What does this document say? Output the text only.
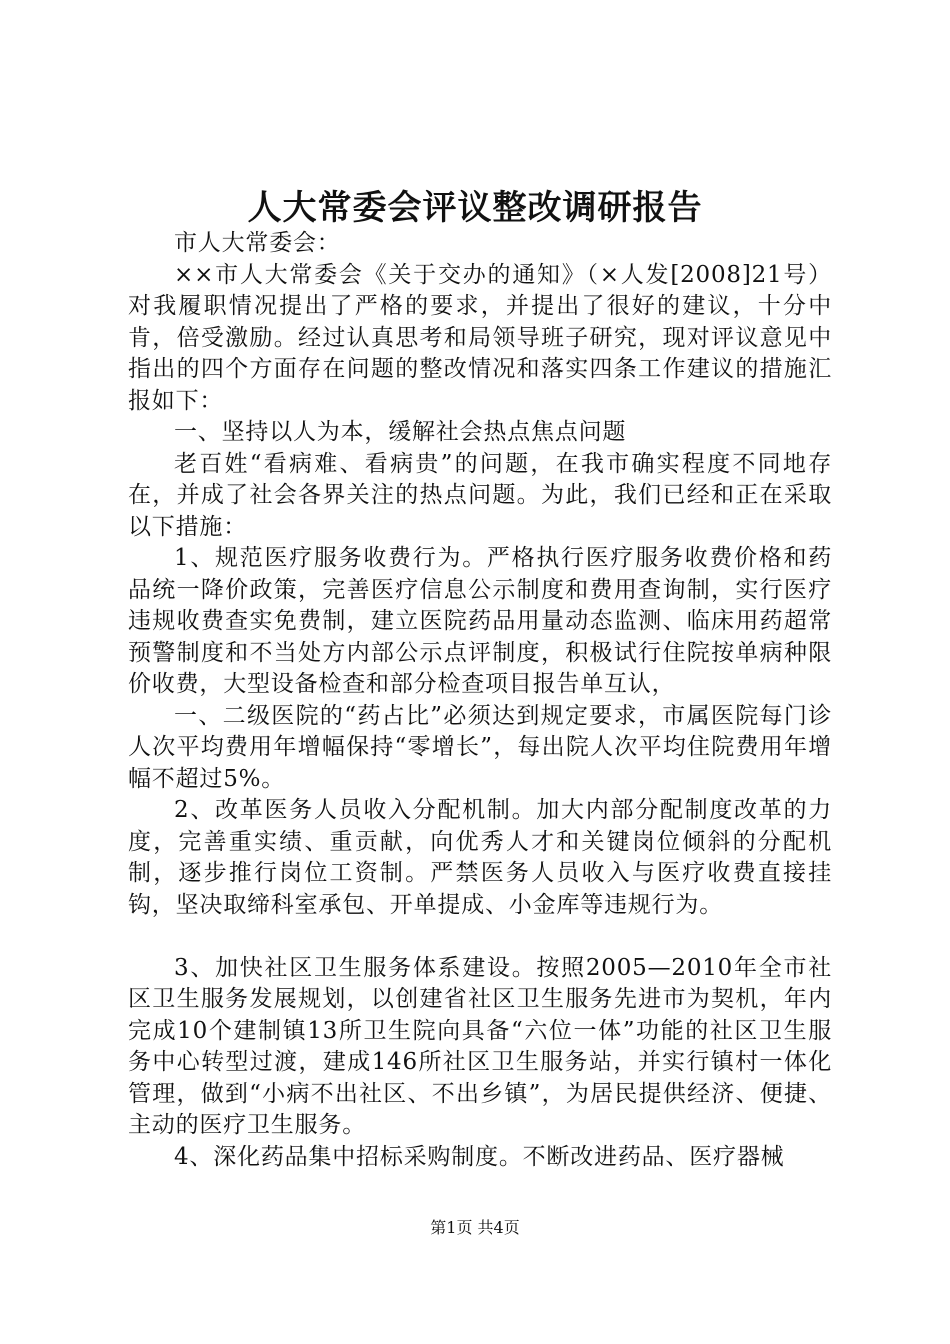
人大常委会评议整改调研报告

市人大常委会：

××市人大常委会《关于交办的通知》（×人发[2008]21号）对我履职情况提出了严格的要求，并提出了很好的建议，十分中肯，倍受激励。经过认真思考和局领导班子研究，现对评议意见中指出的四个方面存在问题的整改情况和落实四条工作建议的措施汇报如下：

一、坚持以人为本，缓解社会热点焦点问题

老百姓“看病难、看病贵”的问题，在我市确实程度不同地存在，并成了社会各界关注的热点问题。为此，我们已经和正在采取以下措施：

1、规范医疗服务收费行为。严格执行医疗服务收费价格和药品统一降价政策，完善医疗信息公示制度和费用查询制，实行医疗违规收费查实免费制，建立医院药品用量动态监测、临床用药超常预警制度和不当处方内部公示点评制度，积极试行住院按单病种限价收费，大型设备检查和部分检查项目报告单互认，

一、二级医院的“药占比”必须达到规定要求，市属医院每门诊人次平均费用年增幅保持“零增长”，每出院人次平均住院费用年增幅不超过5%。

2、改革医务人员收入分配机制。加大内部分配制度改革的力度，完善重实绩、重贡献，向优秀人才和关键岗位倾斜的分配机制，逐步推行岗位工资制。严禁医务人员收入与医疗收费直接挂钩，坚决取缔科室承包、开单提成、小金库等违规行为。

3、加快社区卫生服务体系建设。按照2005—2010年全市社区卫生服务发展规划，以创建省社区卫生服务先进市为契机，年内完成10个建制镇13所卫生院向具备“六位一体”功能的社区卫生服务中心转型过渡，建成146所社区卫生服务站，并实行镇村一体化管理，做到“小病不出社区、不出乡镇”，为居民提供经济、便捷、主动的医疗卫生服务。

4、深化药品集中招标采购制度。不断改进药品、医疗器械

第1页 共4页
